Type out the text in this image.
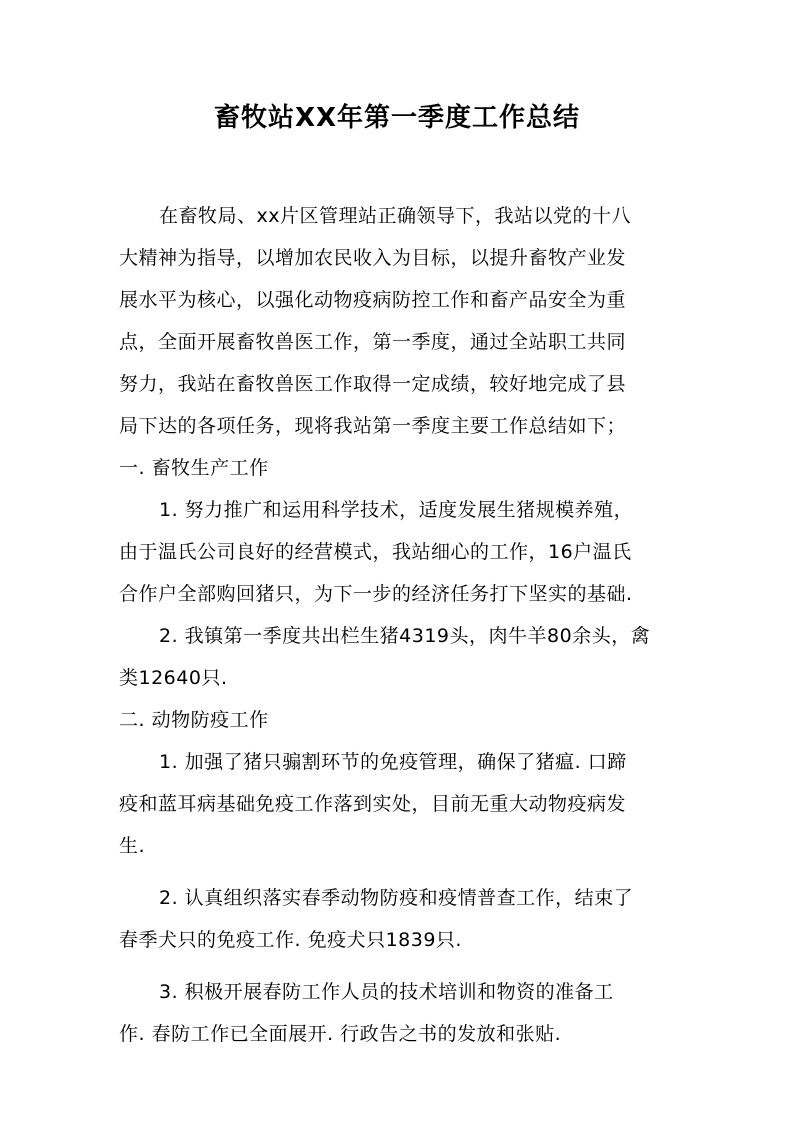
畜牧站XX年第一季度工作总结

在畜牧局、xx片区管理站正确领导下，我站以党的十八

大精神为指导，以增加农民收入为目标，以提升畜牧产业发

展水平为核心，以强化动物疫病防控工作和畜产品安全为重

点，全面开展畜牧兽医工作，第一季度，通过全站职工共同

努力，我站在畜牧兽医工作取得一定成绩，较好地完成了县

局下达的各项任务，现将我站第一季度主要工作总结如下；

一. 畜牧生产工作

1. 努力推广和运用科学技术，适度发展生猪规模养殖，

由于温氏公司良好的经营模式，我站细心的工作，16户温氏

合作户全部购回猪只，为下一步的经济任务打下坚实的基础.

2. 我镇第一季度共出栏生猪4319头，肉牛羊80余头，禽

类12640只.

二. 动物防疫工作

1. 加强了猪只骟割环节的免疫管理，确保了猪瘟. 口蹄

疫和蓝耳病基础免疫工作落到实处，目前无重大动物疫病发

生.

2. 认真组织落实春季动物防疫和疫情普查工作，结束了

春季犬只的免疫工作. 免疫犬只1839只.

3. 积极开展春防工作人员的技术培训和物资的准备工

作. 春防工作已全面展开. 行政告之书的发放和张贴.
